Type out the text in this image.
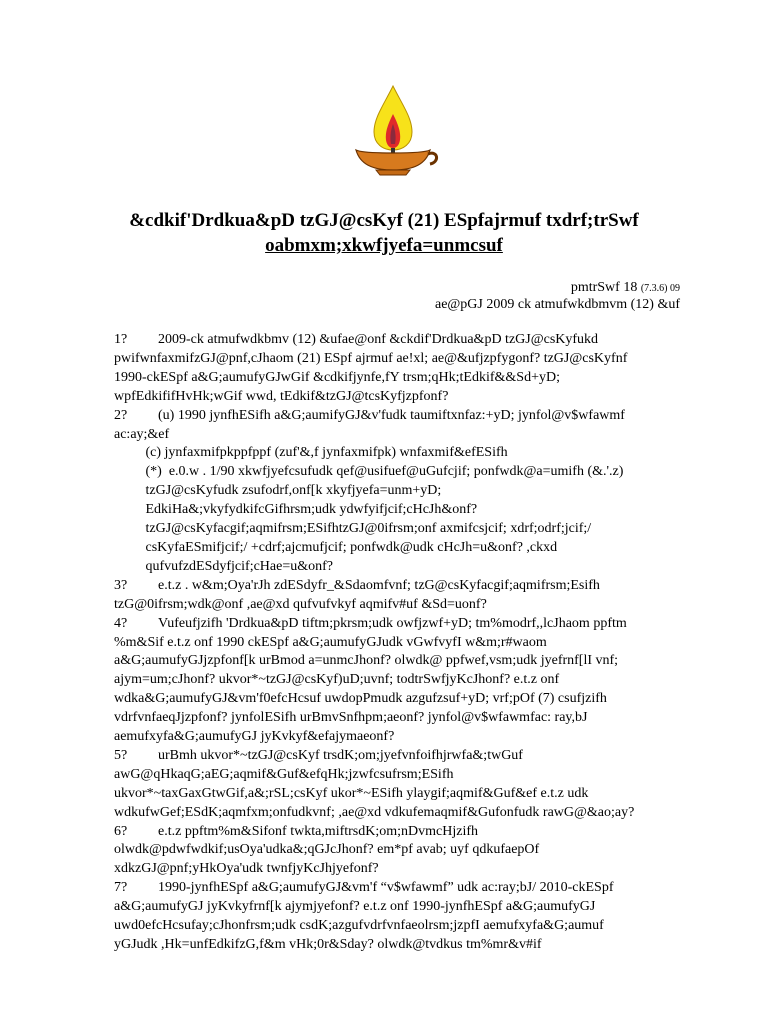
&cdkif'Drdkua&pD tzGJ@csKyf (21) ESpfajrmuf txdrf;trSwf
oabmxm;xkwfjyefa=unmcsuf
pmtrSwf 18 (7.3.6) 09
ae@pGJ 2009 ck atmufwkdbmvm (12) &uf
1?	2009-ck atmufwdkbmv (12) &ufae@onf &ckdif'Drdkua&pD tzGJ@csKyfukd
pwifwnfaxmifzGJ@pnf,cJhaom (21) ESpf ajrmuf ae!xl; ae@&ufjzpfygonf? tzGJ@csKyfnf
1990-ckESpf a&G;aumufyGJwGif &cdkifjynfe,fY trsm;qHk;tEdkif&&Sd+yD;
wpfEdkififHvHk;wGif wwd, tEdkif&tzGJ@tcsKyfjzpfonf?
2?	(u) 1990 jynfhESifh a&G;aumifyGJ&v'fudk taumiftxnfaz:+yD; jynfol@v$wfawmf
ac:ay;&ef
(c) jynfaxmifpkppfppf (zuf'&,f jynfaxmifpk) wnfaxmif&efESifh
(*)  e.0.w . 1/90 xkwfjyefcsufudk qef@usifuef@uGufcjif; ponfwdk@a=umifh (&.'.z)
tzGJ@csKyfudk zsufodrf,onf[k xkyfjyefa=unm+yD;
EdkiHa&;vkyfydkifcGifhrsm;udk ydwfyifjcif;cHcJh&onf?
tzGJ@csKyfacgif;aqmifrsm;ESifhtzGJ@0ifrsm;onf axmifcsjcif; xdrf;odrf;jcif;/
csKyfaESmifjcif;/ +cdrf;ajcmufjcif; ponfwdk@udk cHcJh=u&onf? ,ckxd
qufvufzdESdyfjcif;cHae=u&onf?
3?	e.t.z . w&m;Oya'rJh zdESdyfr_&Sdaomfvnf; tzG@csKyfacgif;aqmifrsm;Esifh
tzG@0ifrsm;wdk@onf ,ae@xd qufvufvkyf aqmifv#uf &Sd=uonf?
4?	Vufeufjzifh 'Drdkua&pD tiftm;pkrsm;udk owfjzwf+yD; tm%modrf,,lcJhaom ppftm
%m&Sif e.t.z onf 1990 ckESpf a&G;aumufyGJudk vGwfvyfI w&m;r#waom
a&G;aumufyGJjzpfonf[k urBmod a=unmcJhonf? olwdk@ ppfwef,vsm;udk jyefrnf[lI vnf;
ajym=um;cJhonf? ukvor*~tzGJ@csKyf)uD;uvnf; todtrSwfjyKcJhonf? e.t.z onf
wdka&G;aumufyGJ&vm'f0efcHcsuf uwdopPmudk azgufzsuf+yD; vrf;pOf (7) csufjzifh
vdrfvnfaeqJjzpfonf? jynfolESifh urBmvSnfhpm;aeonf? jynfol@v$wfawmfac: ray,bJ
aemufxyfa&G;aumufyGJ jyKvkyf&efajymaeonf?
5?	urBmh ukvor*~tzGJ@csKyf trsdK;om;jyefvnfoifhjrwfa&;twGuf
awG@qHkaqG;aEG;aqmif&Guf&efqHk;jzwfcsufrsm;ESifh
ukvor*~taxGaxGtwGif,a&;rSL;csKyf ukor*~ESifh ylaygif;aqmif&Guf&ef e.t.z udk
wdkufwGef;ESdK;aqmfxm;onfudkvnf; ,ae@xd vdkufemaqmif&Gufonfudk rawG@&ao;ay?
6?	e.t.z ppftm%m&Sifonf twkta,miftrsdK;om;nDvmcHjzifh
olwdk@pdwfwdkif;usOya'udka&;qGJcJhonf? em*pf avab; uyf qdkufaepOf
xdkzGJ@pnf;yHkOya'udk twnfjyKcJhjyefonf?
7?	1990-jynfhESpf a&G;aumufyGJ&vm'f “v$wfawmf” udk ac:ray;bJ/ 2010-ckESpf
a&G;aumufyGJ jyKvkyfrnf[k ajymjyefonf? e.t.z onf 1990-jynfhESpf a&G;aumufyGJ
uwd0efcHcsufay;cJhonfrsm;udk csdK;azgufvdrfvnfaeolrsm;jzpfI aemufxyfa&G;aumuf
yGJudk ,Hk=unfEdkifzG,f&m vHk;0r&Sday? olwdk@tvdkus tm%mr&v#if
